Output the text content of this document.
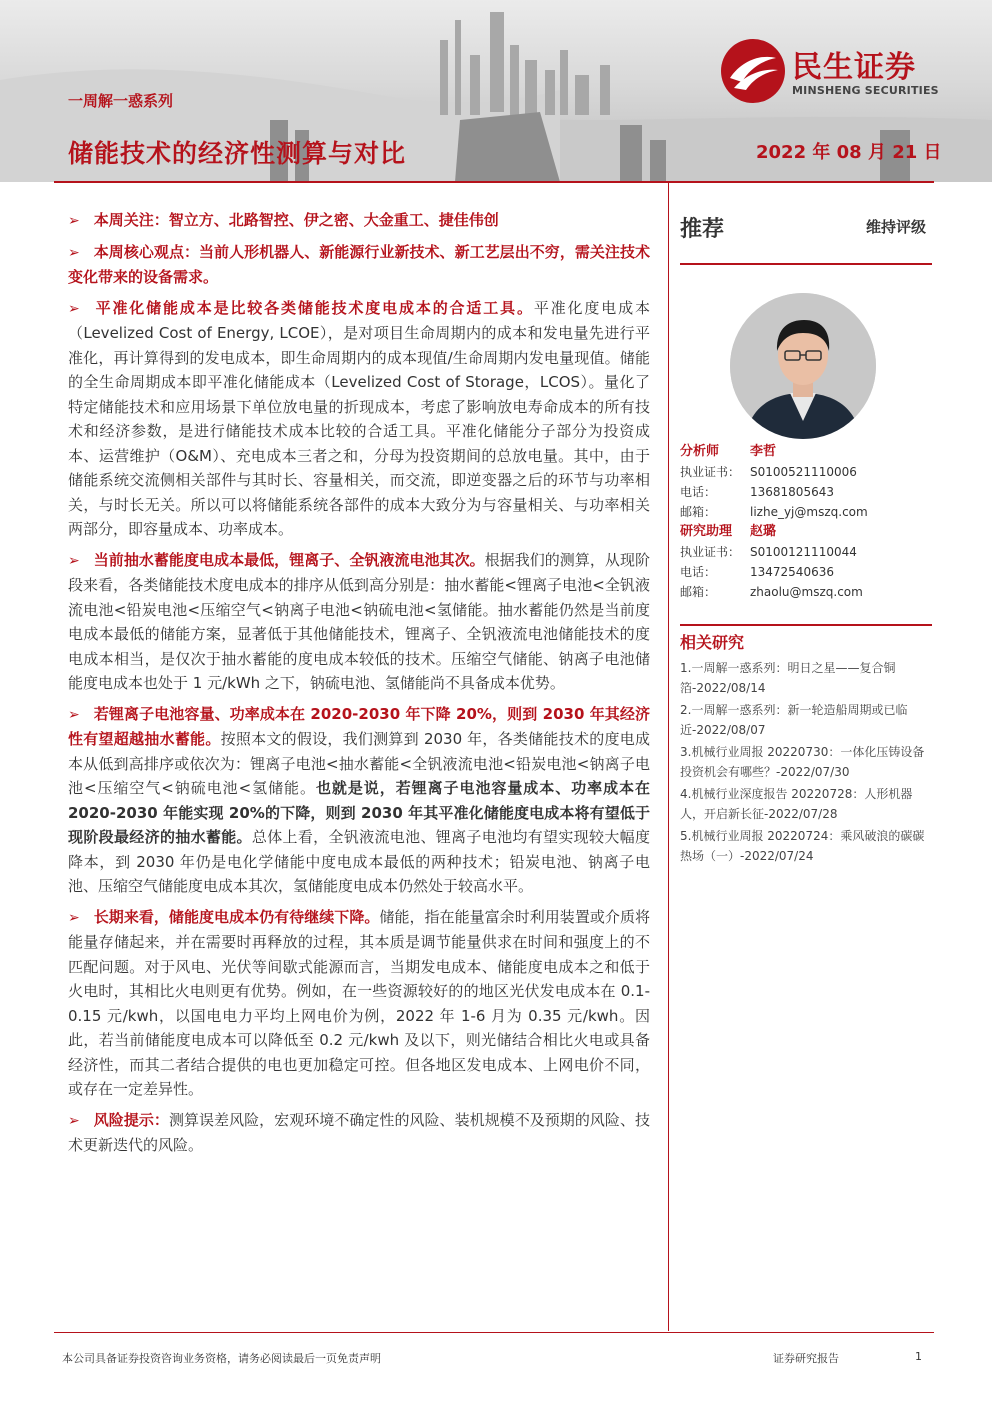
民生证券
MINSHENG SECURITIES
一周解一惑系列
储能技术的经济性测算与对比	2022 年 08 月 21 日

➢ 本周关注：智立方、北路智控、伊之密、大金重工、捷佳伟创

➢ 本周核心观点：当前人形机器人、新能源行业新技术、新工艺层出不穷，需关注技术变化带来的设备需求。

➢ 平准化储能成本是比较各类储能技术度电成本的合适工具。平准化度电成本（Levelized Cost of Energy, LCOE），是对项目生命周期内的成本和发电量先进行平准化，再计算得到的发电成本，即生命周期内的成本现值/生命周期内发电量现值。储能的全生命周期成本即平准化储能成本（Levelized Cost of Storage，LCOS）。量化了特定储能技术和应用场景下单位放电量的折现成本，考虑了影响放电寿命成本的所有技术和经济参数，是进行储能技术成本比较的合适工具。平准化储能分子部分为投资成本、运营维护（O&M）、充电成本三者之和，分母为投资期间的总放电量。其中，由于储能系统交流侧相关部件与其时长、容量相关，而交流，即逆变器之后的环节与功率相关，与时长无关。所以可以将储能系统各部件的成本大致分为与容量相关、与功率相关两部分，即容量成本、功率成本。

➢ 当前抽水蓄能度电成本最低，锂离子、全钒液流电池其次。根据我们的测算，从现阶段来看，各类储能技术度电成本的排序从低到高分别是：抽水蓄能<锂离子电池<全钒液流电池<铅炭电池<压缩空气<钠离子电池<钠硫电池<氢储能。抽水蓄能仍然是当前度电成本最低的储能方案，显著低于其他储能技术，锂离子、全钒液流电池储能技术的度电成本相当，是仅次于抽水蓄能的度电成本较低的技术。压缩空气储能、钠离子电池储能度电成本也处于 1 元/kWh 之下，钠硫电池、氢储能尚不具备成本优势。

➢ 若锂离子电池容量、功率成本在 2020-2030 年下降 20%，则到 2030 年其经济性有望超越抽水蓄能。按照本文的假设，我们测算到 2030 年，各类储能技术的度电成本从低到高排序或依次为：锂离子电池<抽水蓄能<全钒液流电池<铅炭电池<钠离子电池<压缩空气<钠硫电池<氢储能。也就是说，若锂离子电池容量成本、功率成本在 2020-2030 年能实现 20%的下降，则到 2030 年其平准化储能度电成本将有望低于现阶段最经济的抽水蓄能。总体上看，全钒液流电池、锂离子电池均有望实现较大幅度降本，到 2030 年仍是电化学储能中度电成本最低的两种技术；铅炭电池、钠离子电池、压缩空气储能度电成本其次，氢储能度电成本仍然处于较高水平。

➢ 长期来看，储能度电成本仍有待继续下降。储能，指在能量富余时利用装置或介质将能量存储起来，并在需要时再释放的过程，其本质是调节能量供求在时间和强度上的不匹配问题。对于风电、光伏等间歇式能源而言，当期发电成本、储能度电成本之和低于火电时，其相比火电则更有优势。例如，在一些资源较好的的地区光伏发电成本在 0.1-0.15 元/kwh，以国电电力平均上网电价为例，2022 年 1-6 月为 0.35 元/kwh。因此，若当前储能度电成本可以降低至 0.2 元/kwh 及以下，则光储结合相比火电或具备经济性，而其二者结合提供的电也更加稳定可控。但各地区发电成本、上网电价不同，或存在一定差异性。

➢ 风险提示：测算误差风险，宏观环境不确定性的风险、装机规模不及预期的风险、技术更新迭代的风险。

推荐	维持评级
分析师 李哲
执业证书： S0100521110006
电话：	13681805643
邮箱：	lizhe_yj@mszq.com
研究助理 赵璐
执业证书： S0100121110044
电话：	13472540636
邮箱：	zhaolu@mszq.com
相关研究
1.一周解一惑系列：明日之星——复合铜箔-2022/08/14
2.一周解一惑系列：新一轮造船周期或已临近-2022/08/07
3.机械行业周报 20220730：一体化压铸设备投资机会有哪些？-2022/07/30
4.机械行业深度报告 20220728：人形机器人，开启新长征-2022/07/28
5.机械行业周报 20220724：乘风破浪的碳碳热场（一）-2022/07/24
本公司具备证券投资咨询业务资格，请务必阅读最后一页免责声明	证券研究报告	1
